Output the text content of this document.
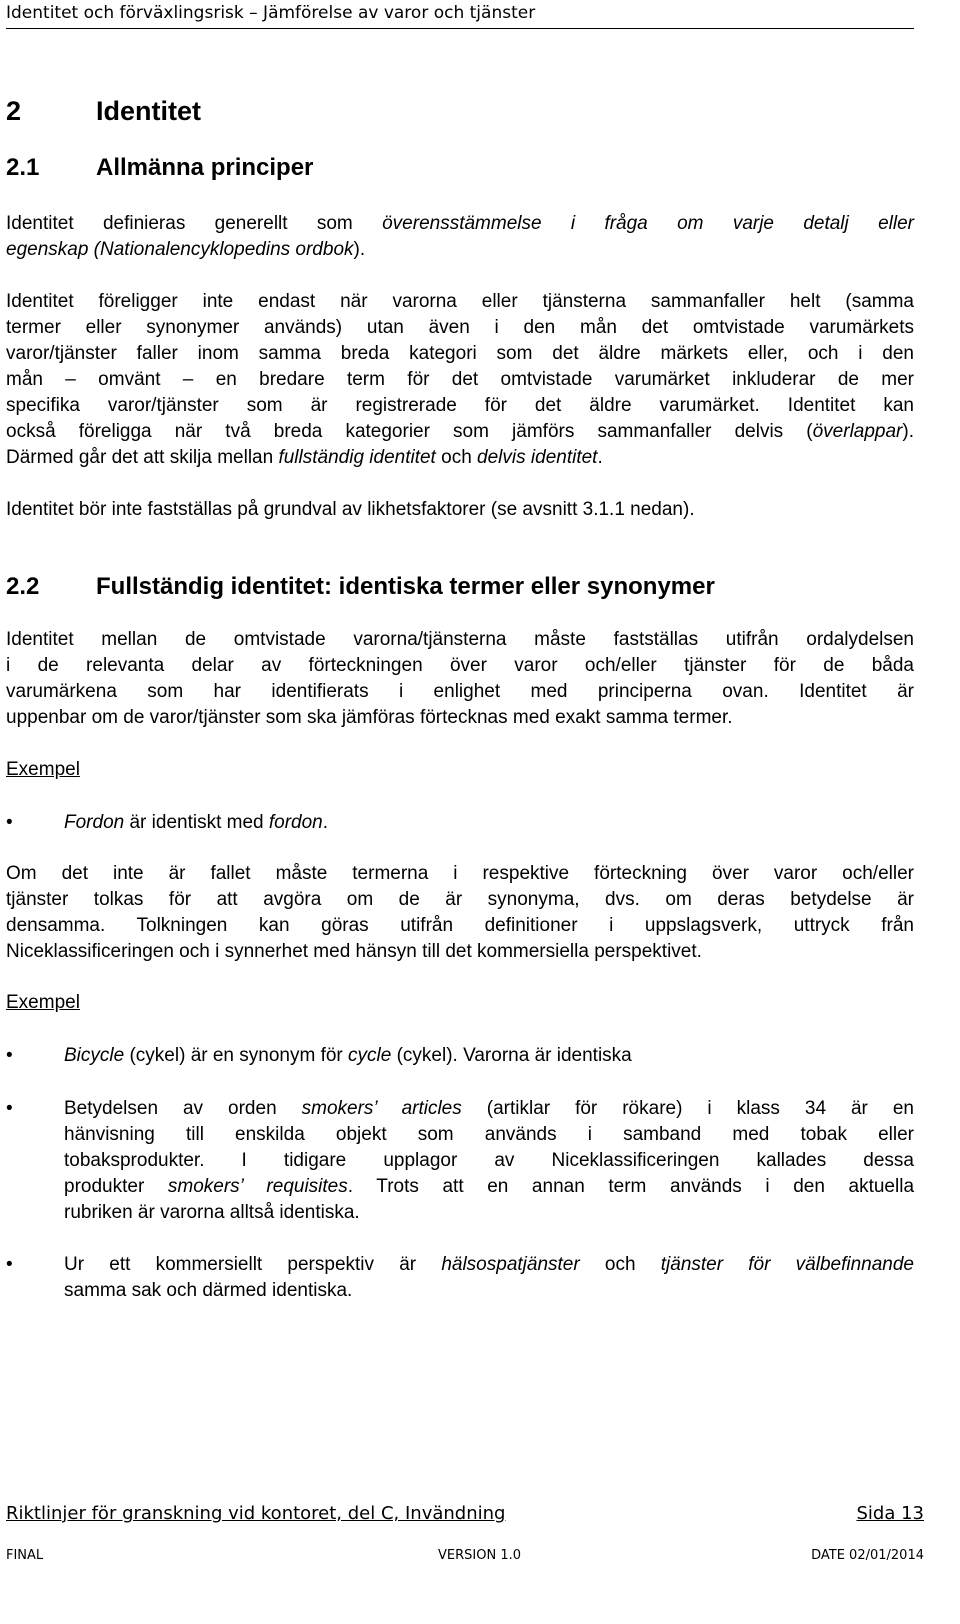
Identitet och förväxlingsrisk – Jämförelse av varor och tjänster
2	Identitet
2.1 Allmänna principer
Identitet definieras generellt som överensstämmelse i fråga om varje detalj eller
egenskap (Nationalencyklopedins ordbok).
Identitet föreligger inte endast när varorna eller tjänsterna sammanfaller helt (samma
termer eller synonymer används) utan även i den mån det omtvistade varumärkets
varor/tjänster faller inom samma breda kategori som det äldre märkets eller, och i den
mån – omvänt – en bredare term för det omtvistade varumärket inkluderar de mer
specifika varor/tjänster som är registrerade för det äldre varumärket. Identitet kan
också föreligga när två breda kategorier som jämförs sammanfaller delvis (överlappar).
Därmed går det att skilja mellan fullständig identitet och delvis identitet.
Identitet bör inte fastställas på grundval av likhetsfaktorer (se avsnitt 3.1.1 nedan).
2.2 Fullständig identitet: identiska termer eller synonymer
Identitet mellan de omtvistade varorna/tjänsterna måste fastställas utifrån ordalydelsen
i de relevanta delar av förteckningen över varor och/eller tjänster för de båda
varumärkena som har identifierats i enlighet med principerna ovan. Identitet är
uppenbar om de varor/tjänster som ska jämföras förtecknas med exakt samma termer.
Exempel
•	Fordon är identiskt med fordon.
Om det inte är fallet måste termerna i respektive förteckning över varor och/eller
tjänster tolkas för att avgöra om de är synonyma, dvs. om deras betydelse är
densamma. Tolkningen kan göras utifrån definitioner i uppslagsverk, uttryck från
Niceklassificeringen och i synnerhet med hänsyn till det kommersiella perspektivet.
Exempel
•	Bicycle (cykel) är en synonym för cycle (cykel). Varorna är identiska
•	Betydelsen av orden smokers’ articles (artiklar för rökare) i klass 34 är en
hänvisning till enskilda objekt som används i samband med tobak eller
tobaksprodukter. I tidigare upplagor av Niceklassificeringen kallades dessa
produkter smokers’ requisites. Trots att en annan term används i den aktuella
rubriken är varorna alltså identiska.
•	Ur ett kommersiellt perspektiv är hälsospatjänster och tjänster för välbefinnande
samma sak och därmed identiska.
Riktlinjer för granskning vid kontoret, del C, Invändning	Sida 13
FINAL	VERSION 1.0	DATE 02/01/2014
